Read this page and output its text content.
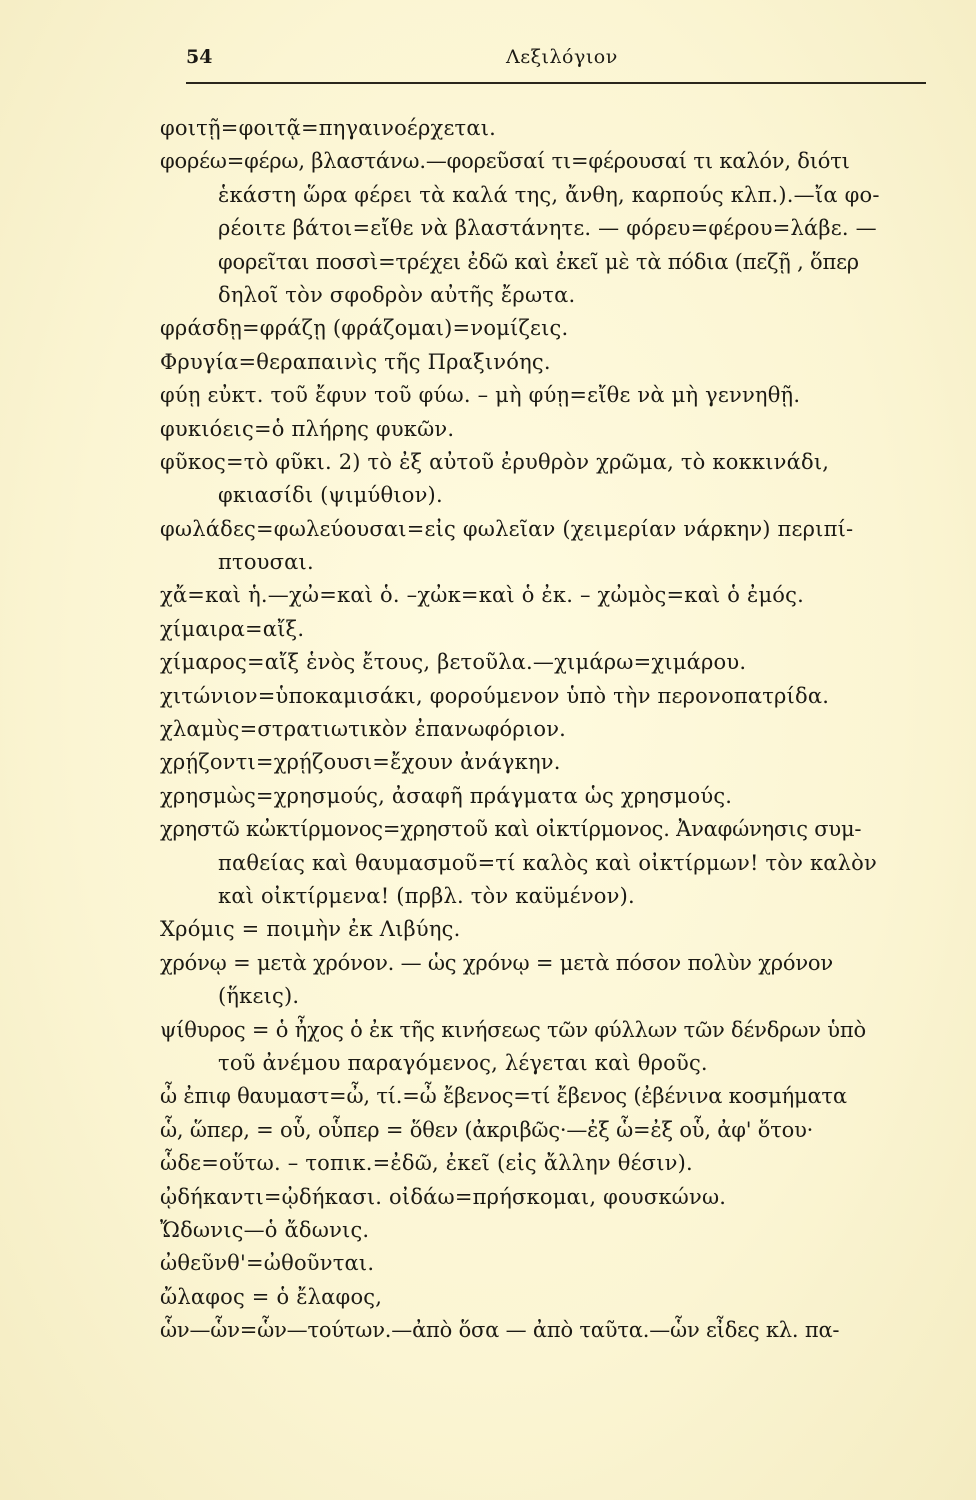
54	Λεξιλόγιον
φοιτῇ=φοιτᾷ=πηγαινοέρχεται.
φορέω=φέρω, βλαστάνω.—φορεῦσαί τι=φέρουσαί τι καλόν, διότι
ἑκάστη ὥρα φέρει τὰ καλά της, ἄνθη, καρπούς κλπ.).—ἴα φο-
ρέοιτε βάτοι=εἴθε νὰ βλαστάνητε. — φόρευ=φέρου=λάβε. —
φορεῖται ποσσὶ=τρέχει ἐδῶ καὶ ἐκεῖ μὲ τὰ πόδια (πεζῇ , ὅπερ
δηλοῖ τὸν σφοδρὸν αὐτῆς ἔρωτα.
φράσδῃ=φράζῃ (φράζομαι)=νομίζεις.
Φρυγία=θεραπαινὶς τῆς Πραξινόης.
φύῃ εὐκτ. τοῦ ἔφυν τοῦ φύω. – μὴ φύῃ=εἴθε νὰ μὴ γεννηθῇ.
φυκιόεις=ὁ πλήρης φυκῶν.
φῦκος=τὸ φῦκι. 2) τὸ ἐξ αὐτοῦ ἐρυθρὸν χρῶμα, τὸ κοκκινάδι,
φκιασίδι (ψιμύθιον).
φωλάδες=φωλεύουσαι=εἰς φωλεῖαν (χειμερίαν νάρκην) περιπί-
πτουσαι.
χἄ=καὶ ἡ.—χὠ=καὶ ὁ. –χὠκ=καὶ ὁ ἐκ. – χὠμὸς=καὶ ὁ ἐμός.
χίμαιρα=αἴξ.
χίμαρος=αἴξ ἑνὸς ἔτους, βετοῦλα.—χιμάρω=χιμάρου.
χιτώνιον=ὑποκαμισάκι, φορούμενον ὑπὸ τὴν περονοπατρίδα.
χλαμὺς=στρατιωτικὸν ἐπανωφόριον.
χρῄζοντι=χρῄζουσι=ἔχουν ἀνάγκην.
χρησμὼς=χρησμούς, ἀσαφῆ πράγματα ὡς χρησμούς.
χρηστῶ κὠκτίρμονος=χρηστοῦ καὶ οἰκτίρμονος. Ἀναφώνησις συμ-
παθείας καὶ θαυμασμοῦ=τί καλὸς καὶ οἰκτίρμων! τὸν καλὸν
καὶ οἰκτίρμενα! (πρβλ. τὸν καϋμένον).
Χρόμις = ποιμὴν ἐκ Λιβύης.
χρόνῳ = μετὰ χρόνον. — ὡς χρόνῳ = μετὰ πόσον πολὺν χρόνον
(ἥκεις).
ψίθυρος = ὁ ἦχος ὁ ἐκ τῆς κινήσεως τῶν φύλλων τῶν δένδρων ὑπὸ
τοῦ ἀνέμου παραγόμενος, λέγεται καὶ θροῦς.
ὦ ἐπιφ θαυμαστ=ὦ, τί.=ὦ ἔβενος=τί ἔβενος (ἐβένινα κοσμήματα
ὧ, ὥπερ, = οὗ, οὗπερ = ὅθεν (ἀκριβῶς·—ἐξ ὧ=ἐξ οὗ, ἀφ' ὅτου·
ὧδε=οὕτω. – τοπικ.=ἐδῶ, ἐκεῖ (εἰς ἄλλην θέσιν).
ᾠδήκαντι=ᾠδήκασι. οἰδάω=πρήσκομαι, φουσκώνω.
Ὤδωνις—ὁ ἄδωνις.
ὠθεῦνθ'=ὠθοῦνται.
ὤλαφος = ὁ ἔλαφος,
ὧν—ὧν=ὧν—τούτων.—ἀπὸ ὅσα — ἀπὸ ταῦτα.—ὧν εἶδες κλ. πα-
